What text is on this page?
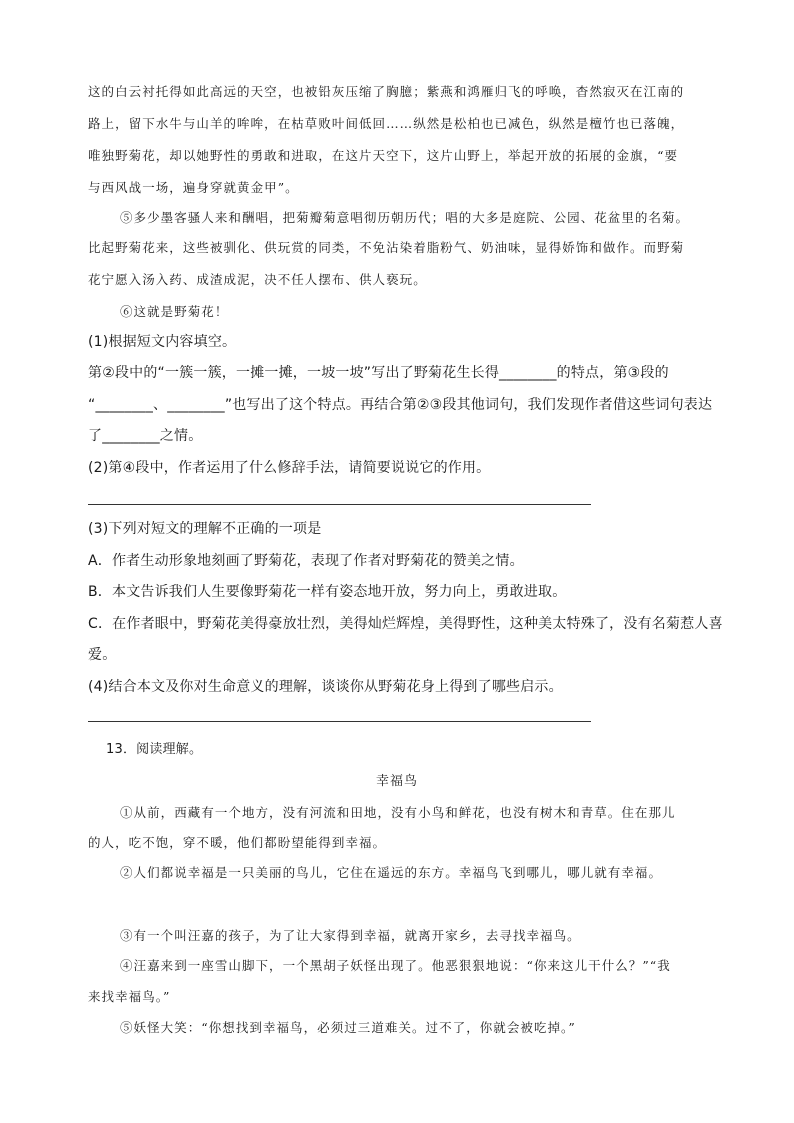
这的白云衬托得如此高远的天空，也被铅灰压缩了胸臆；紫燕和鸿雁归飞的呼唤，杳然寂灭在江南的
路上，留下水牛与山羊的哞哞，在枯草败叶间低回……纵然是松柏也已减色，纵然是檀竹也已落魄，
唯独野菊花，却以她野性的勇敢和进取，在这片天空下，这片山野上，举起开放的拓展的金旗，“要
与西风战一场，遍身穿就黄金甲”。
⑤多少墨客骚人来和酬唱，把菊瓣菊意唱彻历朝历代；唱的大多是庭院、公园、花盆里的名菊。
比起野菊花来，这些被驯化、供玩赏的同类，不免沾染着脂粉气、奶油味，显得娇饰和做作。而野菊
花宁愿入汤入药、成渣成泥，决不任人摆布、供人亵玩。
⑥这就是野菊花！
(1)根据短文内容填空。
第②段中的“一簇一簇，一摊一摊，一坡一坡”写出了野菊花生长得________的特点，第③段的
“________、________”也写出了这个特点。再结合第②③段其他词句，我们发现作者借这些词句表达
了________之情。
(2)第④段中，作者运用了什么修辞手法，请简要说说它的作用。
(3)下列对短文的理解不正确的一项是
A．作者生动形象地刻画了野菊花，表现了作者对野菊花的赞美之情。
B．本文告诉我们人生要像野菊花一样有姿态地开放，努力向上，勇敢进取。
C．在作者眼中，野菊花美得豪放壮烈，美得灿烂辉煌，美得野性，这种美太特殊了，没有名菊惹人喜
爱。
(4)结合本文及你对生命意义的理解，谈谈你从野菊花身上得到了哪些启示。
13．阅读理解。
幸福鸟
①从前，西藏有一个地方，没有河流和田地，没有小鸟和鲜花，也没有树木和青草。住在那儿
的人，吃不饱，穿不暖，他们都盼望能得到幸福。
②人们都说幸福是一只美丽的鸟儿，它住在遥远的东方。幸福鸟飞到哪儿，哪儿就有幸福。
③有一个叫汪嘉的孩子，为了让大家得到幸福，就离开家乡，去寻找幸福鸟。
④汪嘉来到一座雪山脚下，一个黑胡子妖怪出现了。他恶狠狠地说：“你来这儿干什么？”“我
来找幸福鸟。”
⑤妖怪大笑：“你想找到幸福鸟，必须过三道难关。过不了，你就会被吃掉。”
